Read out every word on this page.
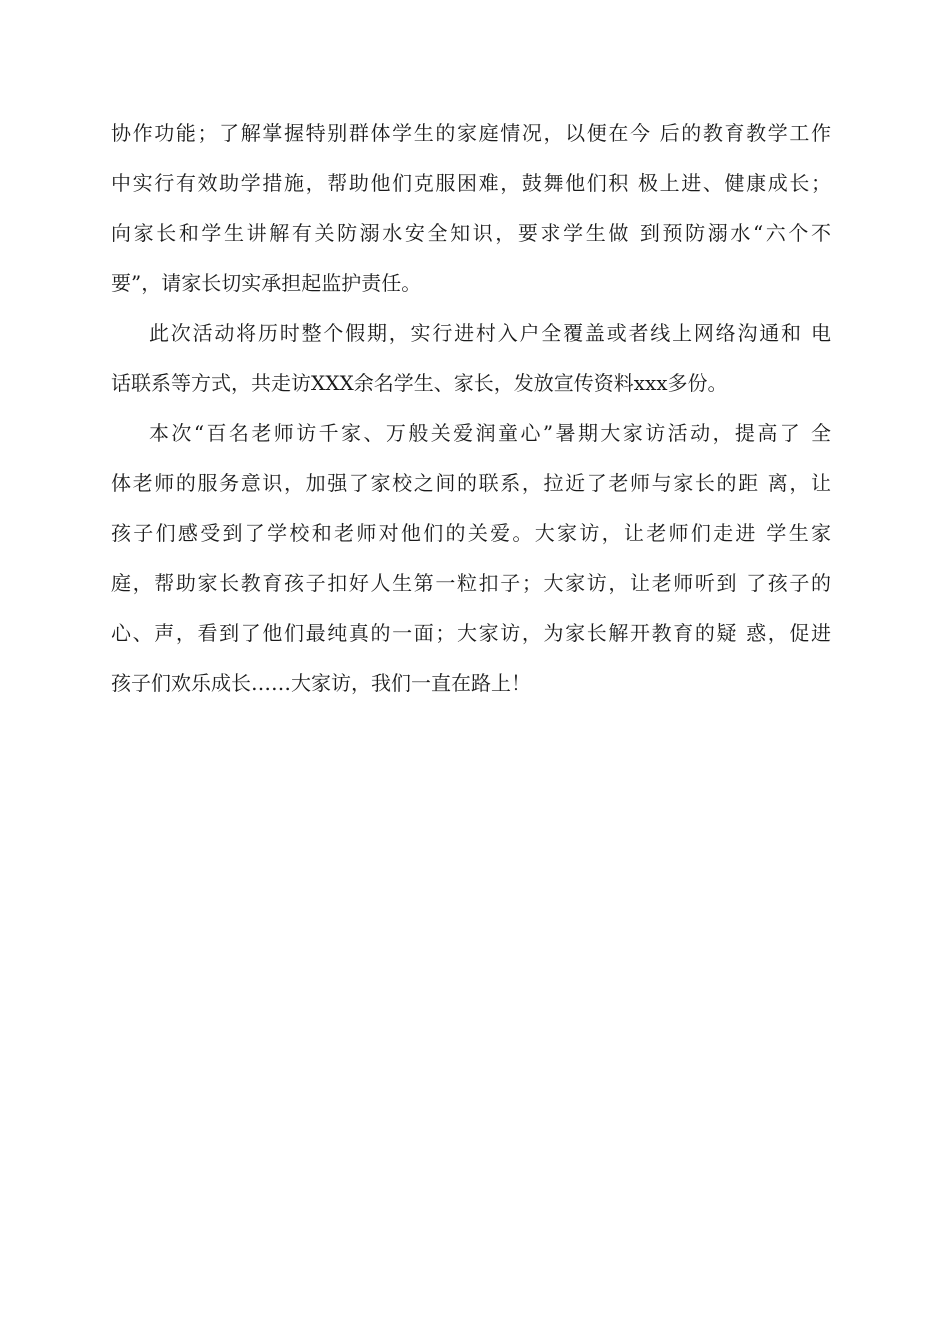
协作功能；了解掌握特别群体学生的家庭情况，以便在今 后的教育教学工作
中实行有效助学措施，帮助他们克服困难，鼓舞他们积 极上进、健康成长；
向家长和学生讲解有关防溺水安全知识，要求学生做 到预防溺水“六个不
要”，请家长切实承担起监护责任。
此次活动将历时整个假期，实行进村入户全覆盖或者线上网络沟通和 电
话联系等方式，共走访XXX余名学生、家长，发放宣传资料xxx多份。
本次“百名老师访千家、万般关爱润童心”暑期大家访活动，提高了 全
体老师的服务意识，加强了家校之间的联系，拉近了老师与家长的距 离，让
孩子们感受到了学校和老师对他们的关爱。大家访，让老师们走进 学生家
庭，帮助家长教育孩子扣好人生第一粒扣子；大家访，让老师听到 了孩子的
心、声，看到了他们最纯真的一面；大家访，为家长解开教育的疑 惑，促进
孩子们欢乐成长……大家访，我们一直在路上！
